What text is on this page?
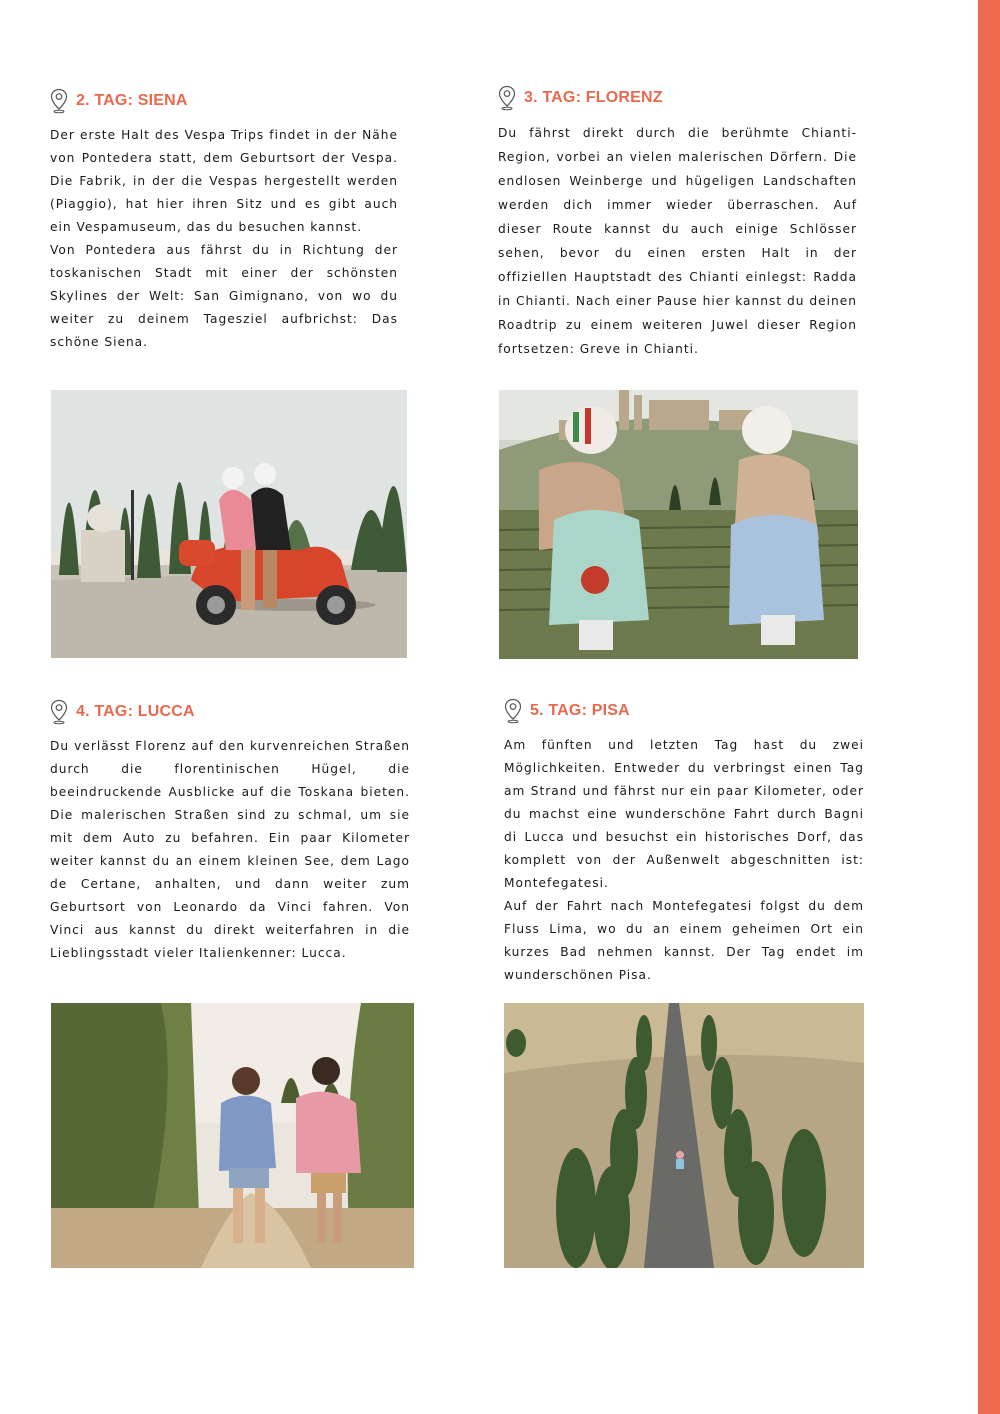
2. TAG: SIENA

Der erste Halt des Vespa Trips findet in der Nähe von Pontedera statt, dem Geburtsort der Vespa. Die Fabrik, in der die Vespas hergestellt werden (Piaggio), hat hier ihren Sitz und es gibt auch ein Vespamuseum, das du besuchen kannst.

Von Pontedera aus fährst du in Richtung der toskanischen Stadt mit einer der schönsten Skylines der Welt: San Gimignano, von wo du weiter zu deinem Tagesziel aufbrichst: Das schöne Siena.

3. TAG: FLORENZ

Du fährst direkt durch die berühmte Chianti-Region, vorbei an vielen malerischen Dörfern. Die endlosen Weinberge und hügeligen Landschaften werden dich immer wieder überraschen. Auf dieser Route kannst du auch einige Schlösser sehen, bevor du einen ersten Halt in der offiziellen Hauptstadt des Chianti einlegst: Radda in Chianti. Nach einer Pause hier kannst du deinen Roadtrip zu einem weiteren Juwel dieser Region fortsetzen: Greve in Chianti.

4. TAG: LUCCA

Du verlässt Florenz auf den kurvenreichen Straßen durch die florentinischen Hügel, die beeindruckende Ausblicke auf die Toskana bieten. Die malerischen Straßen sind zu schmal, um sie mit dem Auto zu befahren. Ein paar Kilometer weiter kannst du an einem kleinen See, dem Lago de Certane, anhalten, und dann weiter zum Geburtsort von Leonardo da Vinci fahren. Von Vinci aus kannst du direkt weiterfahren in die Lieblingsstadt vieler Italienkenner: Lucca.

5. TAG: PISA

Am fünften und letzten Tag hast du zwei Möglichkeiten. Entweder du verbringst einen Tag am Strand und fährst nur ein paar Kilometer, oder du machst eine wunderschöne Fahrt durch Bagni di Lucca und besuchst ein historisches Dorf, das komplett von der Außenwelt abgeschnitten ist: Montefegatesi.

Auf der Fahrt nach Montefegatesi folgst du dem Fluss Lima, wo du an einem geheimen Ort ein kurzes Bad nehmen kannst. Der Tag endet im wunderschönen Pisa.
